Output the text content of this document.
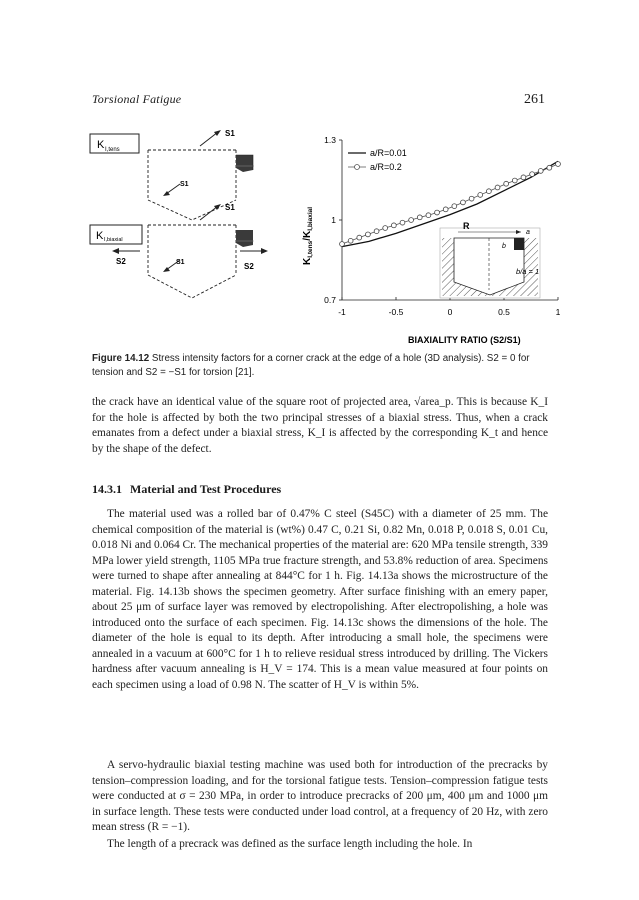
Torsional Fatigue	261
K I,tens
S1
S1
K I,biaxial
S1
S1
S2
S2
0.7
1
1.3
-1	-0.5	0	0.5	1
$K_{I,tens}/K_{I,biaxial}$
BIAXIALITY RATIO (S2/S1)
a/R=0.01
a/R=0.2
R
b
a
b/a = 1
Figure 14.12 Stress intensity factors for a corner crack at the edge of a hole (3D analysis). S2 = 0 for tension and S2 = −S1 for torsion [21].

the crack have an identical value of the square root of projected area, √area_p. This is because K_I for the hole is affected by both the two principal stresses of a biaxial stress. Thus, when a crack emanates from a defect under a biaxial stress, K_I is affected by the corresponding K_t and hence by the shape of the defect.

14.3.1 Material and Test Procedures

The material used was a rolled bar of 0.47% C steel (S45C) with a diameter of 25 mm. The chemical composition of the material is (wt%) 0.47 C, 0.21 Si, 0.82 Mn, 0.018 P, 0.018 S, 0.01 Cu, 0.018 Ni and 0.064 Cr. The mechanical properties of the material are: 620 MPa tensile strength, 339 MPa lower yield strength, 1105 MPa true fracture strength, and 53.8% reduction of area. Specimens were turned to shape after annealing at 844°C for 1 h. Fig. 14.13a shows the microstructure of the material. Fig. 14.13b shows the specimen geometry. After surface finishing with an emery paper, about 25 μm of surface layer was removed by electropolishing. After electropolishing, a hole was introduced onto the surface of each specimen. Fig. 14.13c shows the dimensions of the hole. The diameter of the hole is equal to its depth. After introducing a small hole, the specimens were annealed in a vacuum at 600°C for 1 h to relieve residual stress introduced by drilling. The Vickers hardness after vacuum annealing is H_V = 174. This is a mean value measured at four points on each specimen using a load of 0.98 N. The scatter of H_V is within 5%.

A servo-hydraulic biaxial testing machine was used both for introduction of the precracks by tension–compression loading, and for the torsional fatigue tests. Tension–compression fatigue tests were conducted at σ = 230 MPa, in order to introduce precracks of 200 μm, 400 μm and 1000 μm in surface length. These tests were conducted under load control, at a frequency of 20 Hz, with zero mean stress (R = −1).

The length of a precrack was defined as the surface length including the hole. In
